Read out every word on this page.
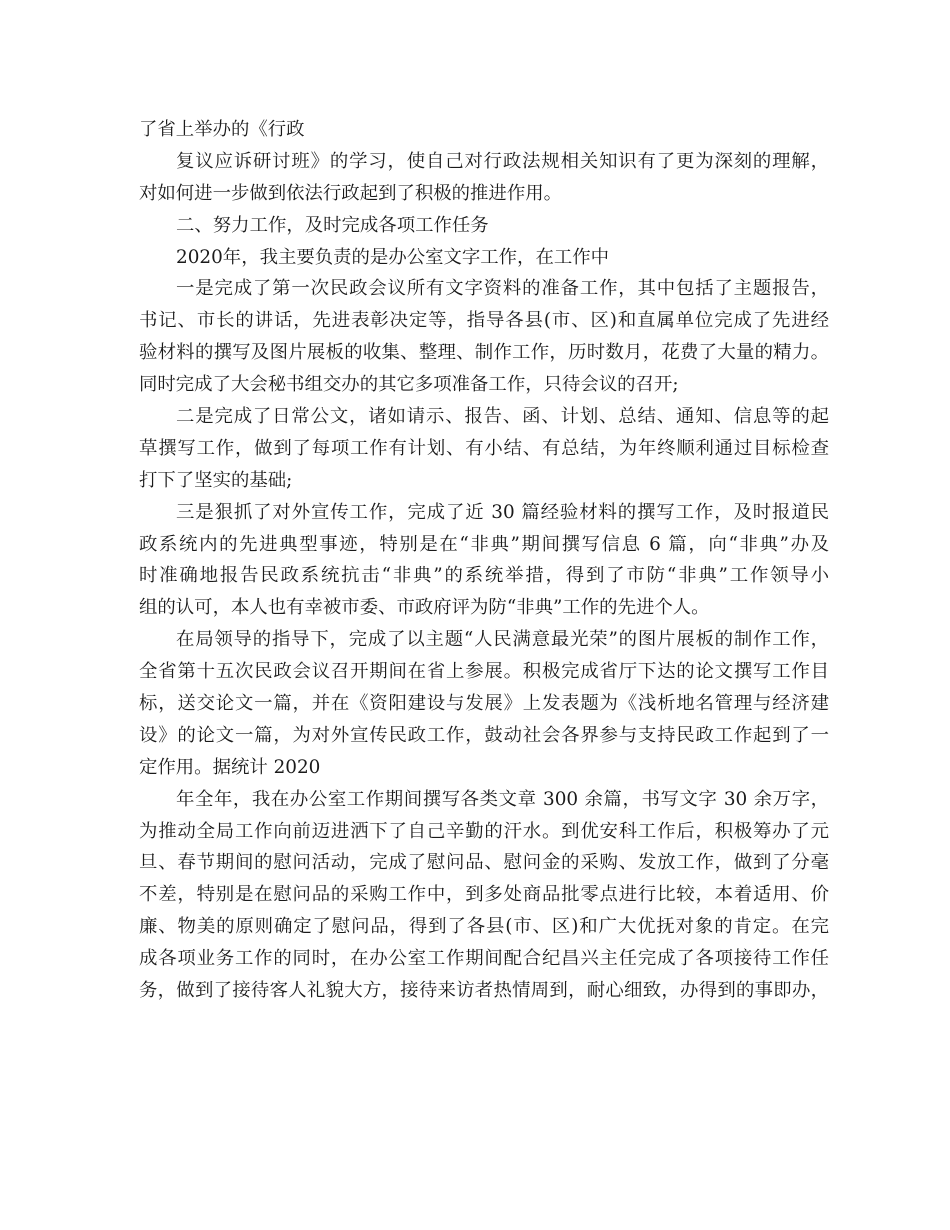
了省上举办的《行政
复议应诉研讨班》的学习，使自己对行政法规相关知识有了更为深刻的理解，
对如何进一步做到依法行政起到了积极的推进作用。
二、努力工作，及时完成各项工作任务
2020年，我主要负责的是办公室文字工作，在工作中
一是完成了第一次民政会议所有文字资料的准备工作，其中包括了主题报告，
书记、市长的讲话，先进表彰决定等，指导各县(市、区)和直属单位完成了先进经
验材料的撰写及图片展板的收集、整理、制作工作，历时数月，花费了大量的精力。
同时完成了大会秘书组交办的其它多项准备工作，只待会议的召开;
二是完成了日常公文，诸如请示、报告、函、计划、总结、通知、信息等的起
草撰写工作，做到了每项工作有计划、有小结、有总结，为年终顺利通过目标检查
打下了坚实的基础;
三是狠抓了对外宣传工作，完成了近 30 篇经验材料的撰写工作，及时报道民
政系统内的先进典型事迹，特别是在“非典”期间撰写信息 6 篇，向“非典”办及
时准确地报告民政系统抗击“非典”的系统举措，得到了市防“非典”工作领导小
组的认可，本人也有幸被市委、市政府评为防“非典”工作的先进个人。
在局领导的指导下，完成了以主题“人民满意最光荣”的图片展板的制作工作，
全省第十五次民政会议召开期间在省上参展。积极完成省厅下达的论文撰写工作目
标，送交论文一篇，并在《资阳建设与发展》上发表题为《浅析地名管理与经济建
设》的论文一篇，为对外宣传民政工作，鼓动社会各界参与支持民政工作起到了一
定作用。据统计 2020
年全年，我在办公室工作期间撰写各类文章 300 余篇，书写文字 30 余万字，
为推动全局工作向前迈进洒下了自己辛勤的汗水。到优安科工作后，积极筹办了元
旦、春节期间的慰问活动，完成了慰问品、慰问金的采购、发放工作，做到了分毫
不差，特别是在慰问品的采购工作中，到多处商品批零点进行比较，本着适用、价
廉、物美的原则确定了慰问品，得到了各县(市、区)和广大优抚对象的肯定。在完
成各项业务工作的同时，在办公室工作期间配合纪昌兴主任完成了各项接待工作任
务，做到了接待客人礼貌大方，接待来访者热情周到，耐心细致，办得到的事即办，
